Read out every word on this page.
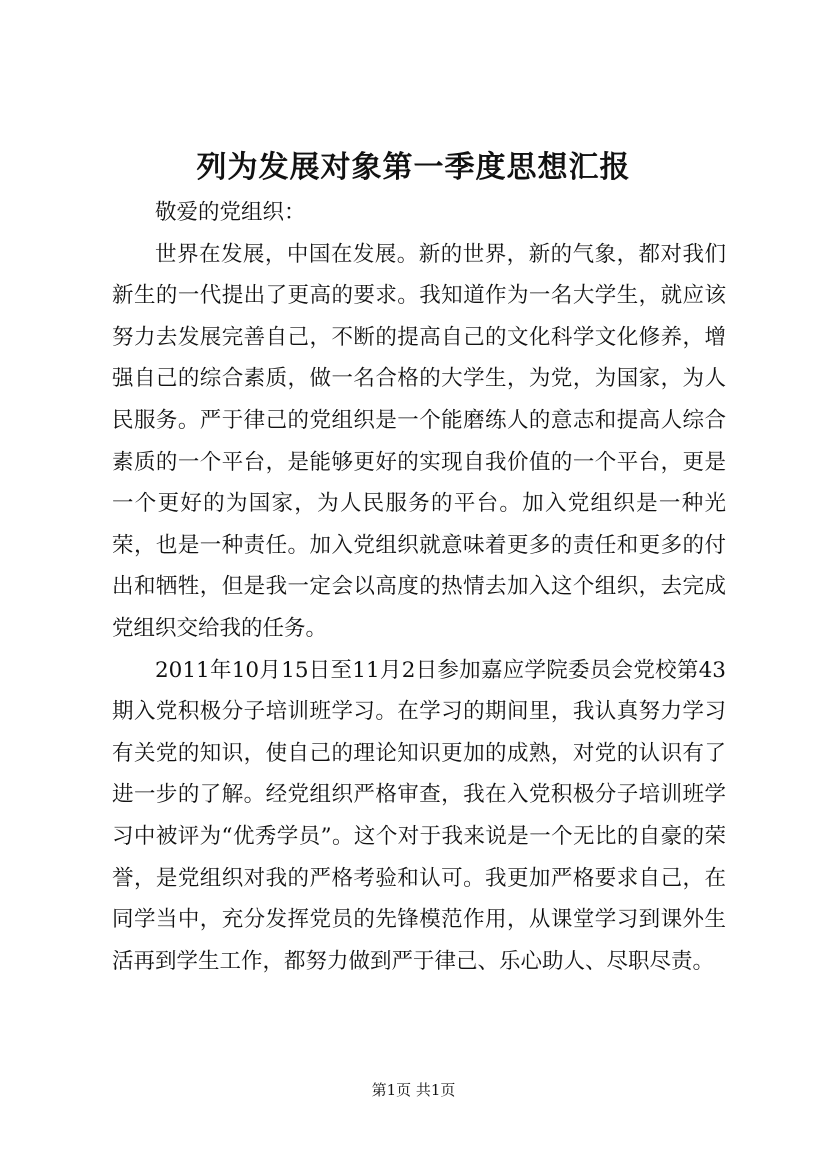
列为发展对象第一季度思想汇报

敬爱的党组织：

世界在发展，中国在发展。新的世界，新的气象，都对我们新生的一代提出了更高的要求。我知道作为一名大学生，就应该努力去发展完善自己，不断的提高自己的文化科学文化修养，增强自己的综合素质，做一名合格的大学生，为党，为国家，为人民服务。严于律己的党组织是一个能磨练人的意志和提高人综合素质的一个平台，是能够更好的实现自我价值的一个平台，更是一个更好的为国家，为人民服务的平台。加入党组织是一种光荣，也是一种责任。加入党组织就意味着更多的责任和更多的付出和牺牲，但是我一定会以高度的热情去加入这个组织，去完成党组织交给我的任务。

2011年10月15日至11月2日参加嘉应学院委员会党校第43期入党积极分子培训班学习。在学习的期间里，我认真努力学习有关党的知识，使自己的理论知识更加的成熟，对党的认识有了进一步的了解。经党组织严格审查，我在入党积极分子培训班学习中被评为“优秀学员”。这个对于我来说是一个无比的自豪的荣誉，是党组织对我的严格考验和认可。我更加严格要求自己，在同学当中，充分发挥党员的先锋模范作用，从课堂学习到课外生活再到学生工作，都努力做到严于律己、乐心助人、尽职尽责。

第1页 共1页
